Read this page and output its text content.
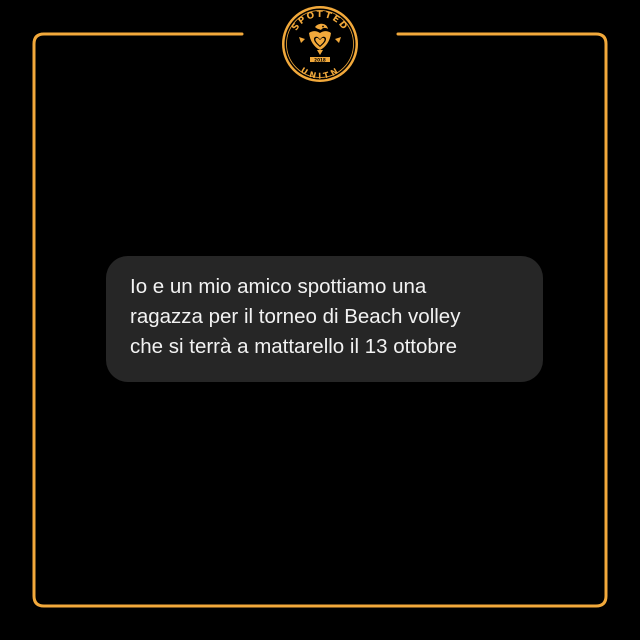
SPOTTED
UNITN
2018

Io e un mio amico spottiamo una
ragazza per il torneo di Beach volley
che si terrà a mattarello il 13 ottobre
